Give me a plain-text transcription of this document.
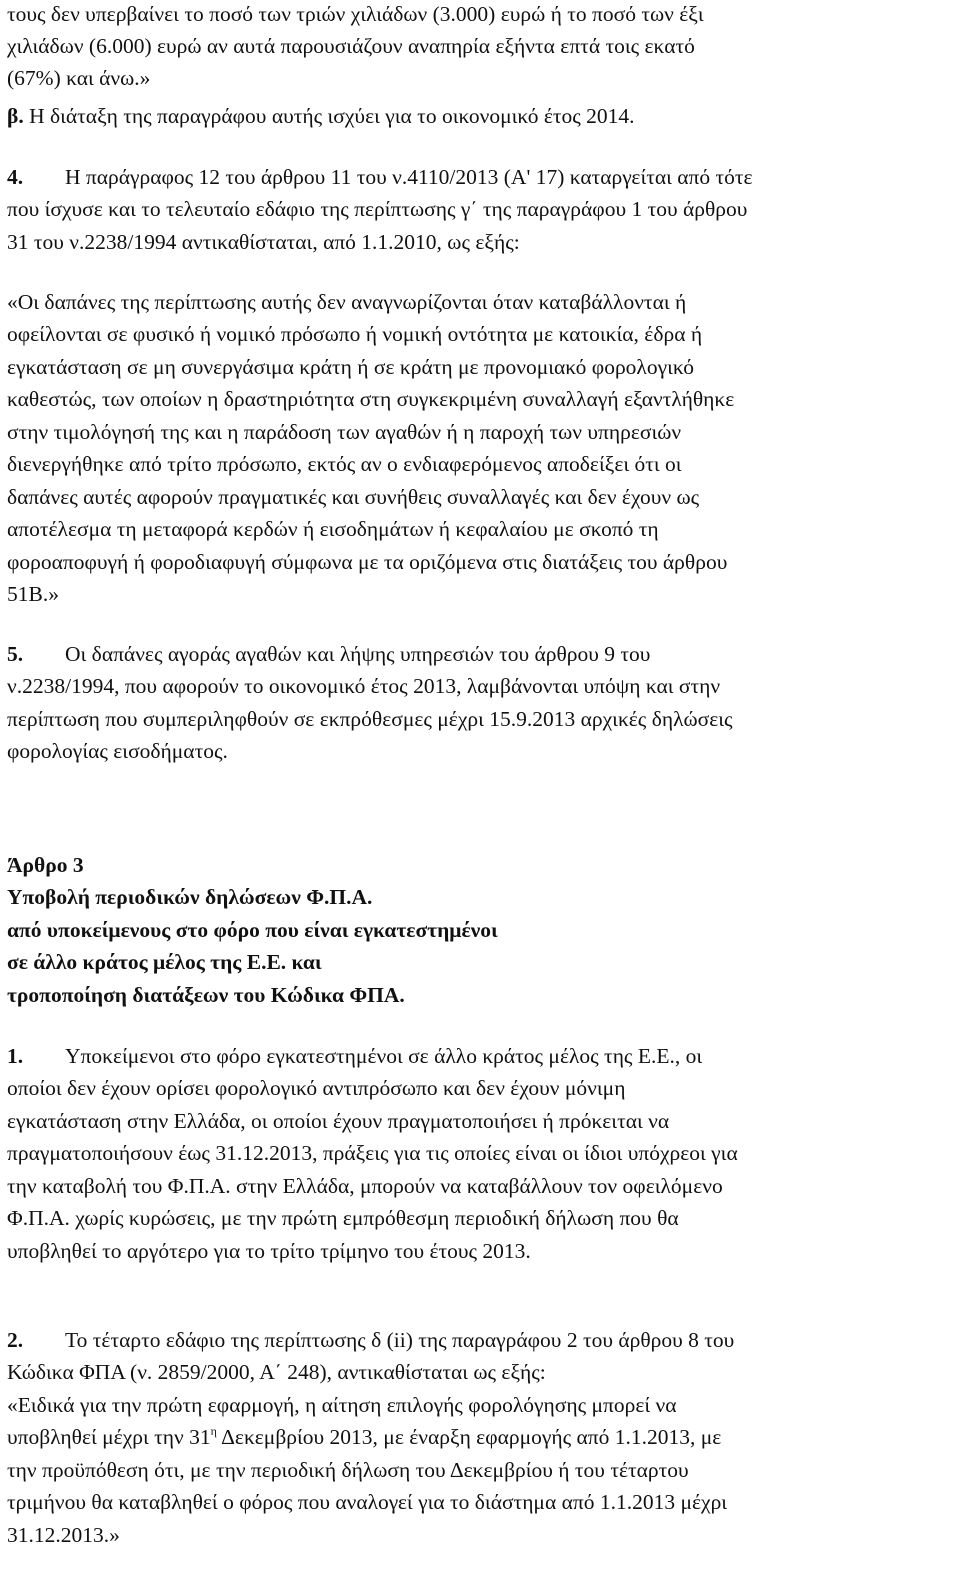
τους δεν υπερβαίνει το ποσό των τριών χιλιάδων (3.000) ευρώ ή το ποσό των έξι
χιλιάδων (6.000) ευρώ αν αυτά παρουσιάζουν αναπηρία εξήντα επτά τοις εκατό
(67%) και άνω.»
β. Η διάταξη της παραγράφου αυτής ισχύει για το οικονομικό έτος 2014.
4. Η παράγραφος 12 του άρθρου 11 του ν.4110/2013 (Α' 17) καταργείται από τότε
που ίσχυσε και το τελευταίο εδάφιο της περίπτωσης γ΄ της παραγράφου 1 του άρθρου
31 του ν.2238/1994 αντικαθίσταται, από 1.1.2010, ως εξής:
«Οι δαπάνες της περίπτωσης αυτής δεν αναγνωρίζονται όταν καταβάλλονται ή
οφείλονται σε φυσικό ή νομικό πρόσωπο ή νομική οντότητα με κατοικία, έδρα ή
εγκατάσταση σε μη συνεργάσιμα κράτη ή σε κράτη με προνομιακό φορολογικό
καθεστώς, των οποίων η δραστηριότητα στη συγκεκριμένη συναλλαγή εξαντλήθηκε
στην τιμολόγησή της και η παράδοση των αγαθών ή η παροχή των υπηρεσιών
διενεργήθηκε από τρίτο πρόσωπο, εκτός αν ο ενδιαφερόμενος αποδείξει ότι οι
δαπάνες αυτές αφορούν πραγματικές και συνήθεις συναλλαγές και δεν έχουν ως
αποτέλεσμα τη μεταφορά κερδών ή εισοδημάτων ή κεφαλαίου με σκοπό τη
φοροαποφυγή ή φοροδιαφυγή σύμφωνα με τα οριζόμενα στις διατάξεις του άρθρου
51Β.»
5. Οι δαπάνες αγοράς αγαθών και λήψης υπηρεσιών του άρθρου 9 του
ν.2238/1994, που αφορούν το οικονομικό έτος 2013, λαμβάνονται υπόψη και στην
περίπτωση που συμπεριληφθούν σε εκπρόθεσμες μέχρι 15.9.2013 αρχικές δηλώσεις
φορολογίας εισοδήματος.
Άρθρο 3
Υποβολή περιοδικών δηλώσεων Φ.Π.Α.
από υποκείμενους στο φόρο που είναι εγκατεστημένοι
σε άλλο κράτος μέλος της Ε.Ε. και
τροποποίηση διατάξεων του Κώδικα ΦΠΑ.
1. Υποκείμενοι στο φόρο εγκατεστημένοι σε άλλο κράτος μέλος της Ε.Ε., οι
οποίοι δεν έχουν ορίσει φορολογικό αντιπρόσωπο και δεν έχουν μόνιμη
εγκατάσταση στην Ελλάδα, οι οποίοι έχουν πραγματοποιήσει ή πρόκειται να
πραγματοποιήσουν έως 31.12.2013, πράξεις για τις οποίες είναι οι ίδιοι υπόχρεοι για
την καταβολή του Φ.Π.Α. στην Ελλάδα, μπορούν να καταβάλλουν τον οφειλόμενο
Φ.Π.Α. χωρίς κυρώσεις, με την πρώτη εμπρόθεσμη περιοδική δήλωση που θα
υποβληθεί το αργότερο για το τρίτο τρίμηνο του έτους 2013.
2. Το τέταρτο εδάφιο της περίπτωσης δ (ii) της παραγράφου 2 του άρθρου 8 του
Κώδικα ΦΠΑ (ν. 2859/2000, Α΄ 248), αντικαθίσταται ως εξής:
«Ειδικά για την πρώτη εφαρμογή, η αίτηση επιλογής φορολόγησης μπορεί να
υποβληθεί μέχρι την $31^\eta$ Δεκεμβρίου 2013, με έναρξη εφαρμογής από 1.1.2013, με
την προϋπόθεση ότι, με την περιοδική δήλωση του Δεκεμβρίου ή του τέταρτου
τριμήνου θα καταβληθεί ο φόρος που αναλογεί για το διάστημα από 1.1.2013 μέχρι
31.12.2013.»
